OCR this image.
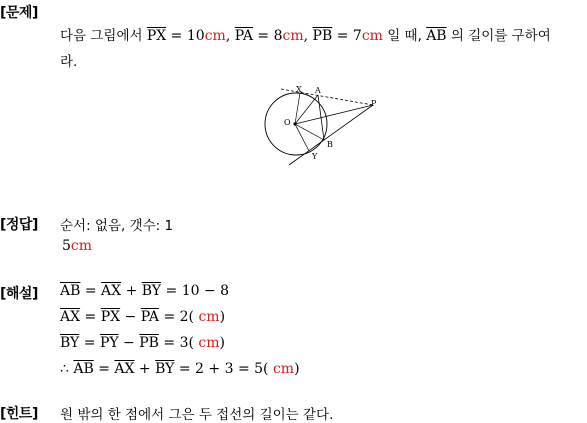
[문제]
다음 그림에서 $\overline{PX} = 10cm$, $\overline{PA} = 8cm$, $\overline{PB} = 7cm$ 일 때, $\overline{AB}$ 의 길이를 구하여
라.
X A
P
O
B
Y
[정답] 순서: 없음, 갯수: 1
5cm
[해설] $\overline{AB} = \overline{AX} + \overline{BY} = 10 - 8$
$\overline{AX} = \overline{PX} - \overline{PA} = 2$( cm)
$\overline{BY} = \overline{PY} - \overline{PB} = 3$( cm)
∴ $\overline{AB} = \overline{AX} + \overline{BY} = 2 + 3 = 5$( cm)
[힌트] 원 밖의 한 점에서 그은 두 접선의 길이는 같다.
